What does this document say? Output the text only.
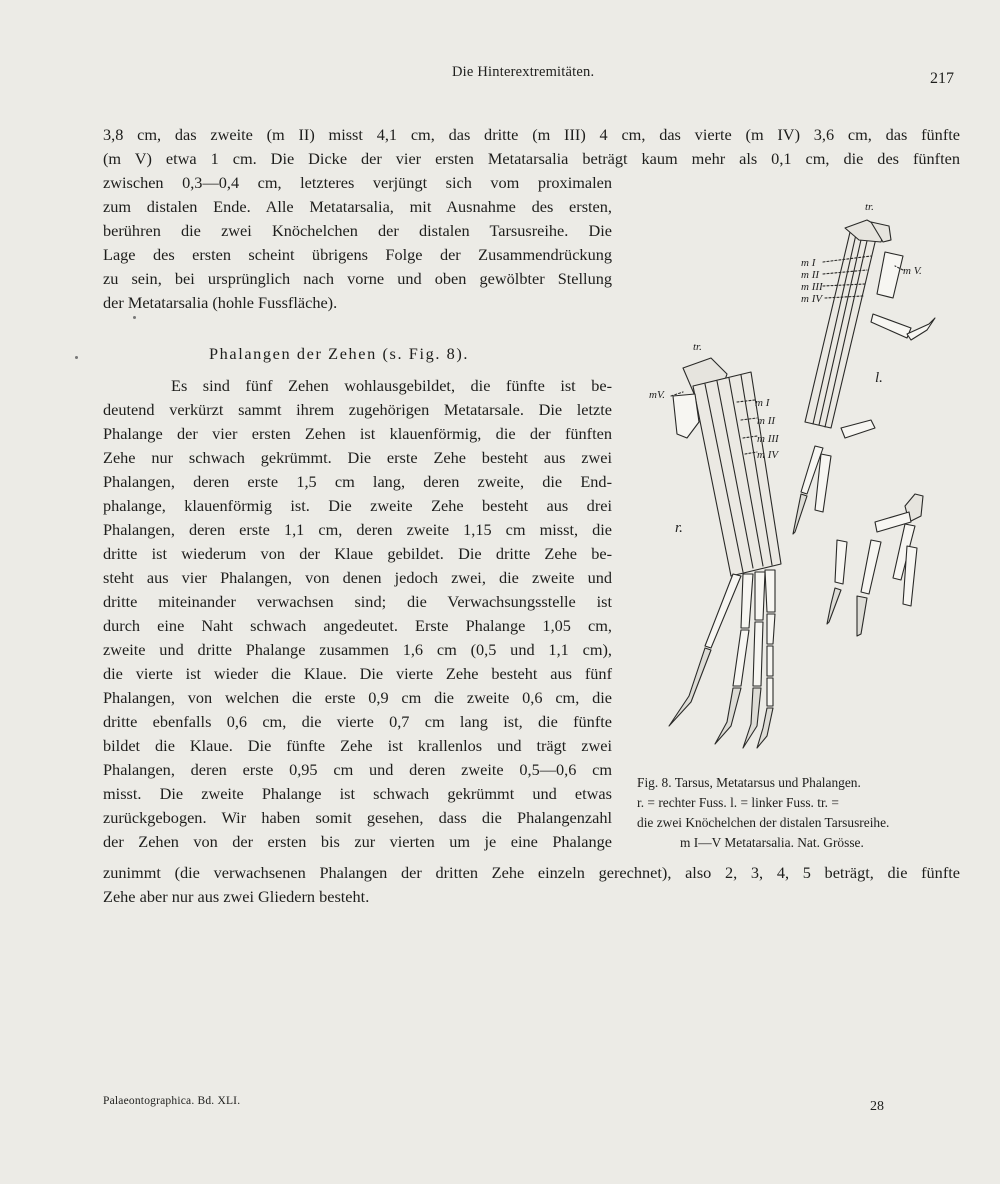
Die Hinterextremitäten.	217
3,8 cm, das zweite (m II) misst 4,1 cm, das dritte (m III) 4 cm, das vierte (m IV) 3,6 cm, das fünfte
(m V) etwa 1 cm. Die Dicke der vier ersten Metatarsalia beträgt kaum mehr als 0,1 cm, die des fünften
zwischen 0,3—0,4 cm, letzteres verjüngt sich vom proximalen
zum distalen Ende. Alle Metatarsalia, mit Ausnahme des ersten,
berühren die zwei Knöchelchen der distalen Tarsusreihe. Die
Lage des ersten scheint übrigens Folge der Zusammendrückung
zu sein, bei ursprünglich nach vorne und oben gewölbter Stellung
der Metatarsalia (hohle Fussfläche).
Phalangen der Zehen (s. Fig. 8).
Es sind fünf Zehen wohlausgebildet, die fünfte ist be-
deutend verkürzt sammt ihrem zugehörigen Metatarsale. Die letzte
Phalange der vier ersten Zehen ist klauenförmig, die der fünften
Zehe nur schwach gekrümmt. Die erste Zehe besteht aus zwei
Phalangen, deren erste 1,5 cm lang, deren zweite, die End-
phalange, klauenförmig ist. Die zweite Zehe besteht aus drei
Phalangen, deren erste 1,1 cm, deren zweite 1,15 cm misst, die
dritte ist wiederum von der Klaue gebildet. Die dritte Zehe be-
steht aus vier Phalangen, von denen jedoch zwei, die zweite und
dritte miteinander verwachsen sind; die Verwachsungsstelle ist
durch eine Naht schwach angedeutet. Erste Phalange 1,05 cm,
zweite und dritte Phalange zusammen 1,6 cm (0,5 und 1,1 cm),
die vierte ist wieder die Klaue. Die vierte Zehe besteht aus fünf
Phalangen, von welchen die erste 0,9 cm die zweite 0,6 cm, die
dritte ebenfalls 0,6 cm, die vierte 0,7 cm lang ist, die fünfte
bildet die Klaue. Die fünfte Zehe ist krallenlos und trägt zwei
Phalangen, deren erste 0,95 cm und deren zweite 0,5—0,6 cm
misst. Die zweite Phalange ist schwach gekrümmt und etwas
zurückgebogen. Wir haben somit gesehen, dass die Phalangenzahl
der Zehen von der ersten bis zur vierten um je eine Phalange
zunimmt (die verwachsenen Phalangen der dritten Zehe einzeln gerechnet), also 2, 3, 4, 5 beträgt, die fünfte
Zehe aber nur aus zwei Gliedern besteht.
tr.
m I
m II
m III
m IV
m V.
l.
tr.
mV.
m I
m II
m III
m IV
r.
Fig. 8. Tarsus, Metatarsus und Phalangen.
r. = rechter Fuss. l. = linker Fuss. tr. =
die zwei Knöchelchen der distalen Tarsusreihe.
m I—V Metatarsalia. Nat. Grösse.
Palaeontographica. Bd. XLI.	28
